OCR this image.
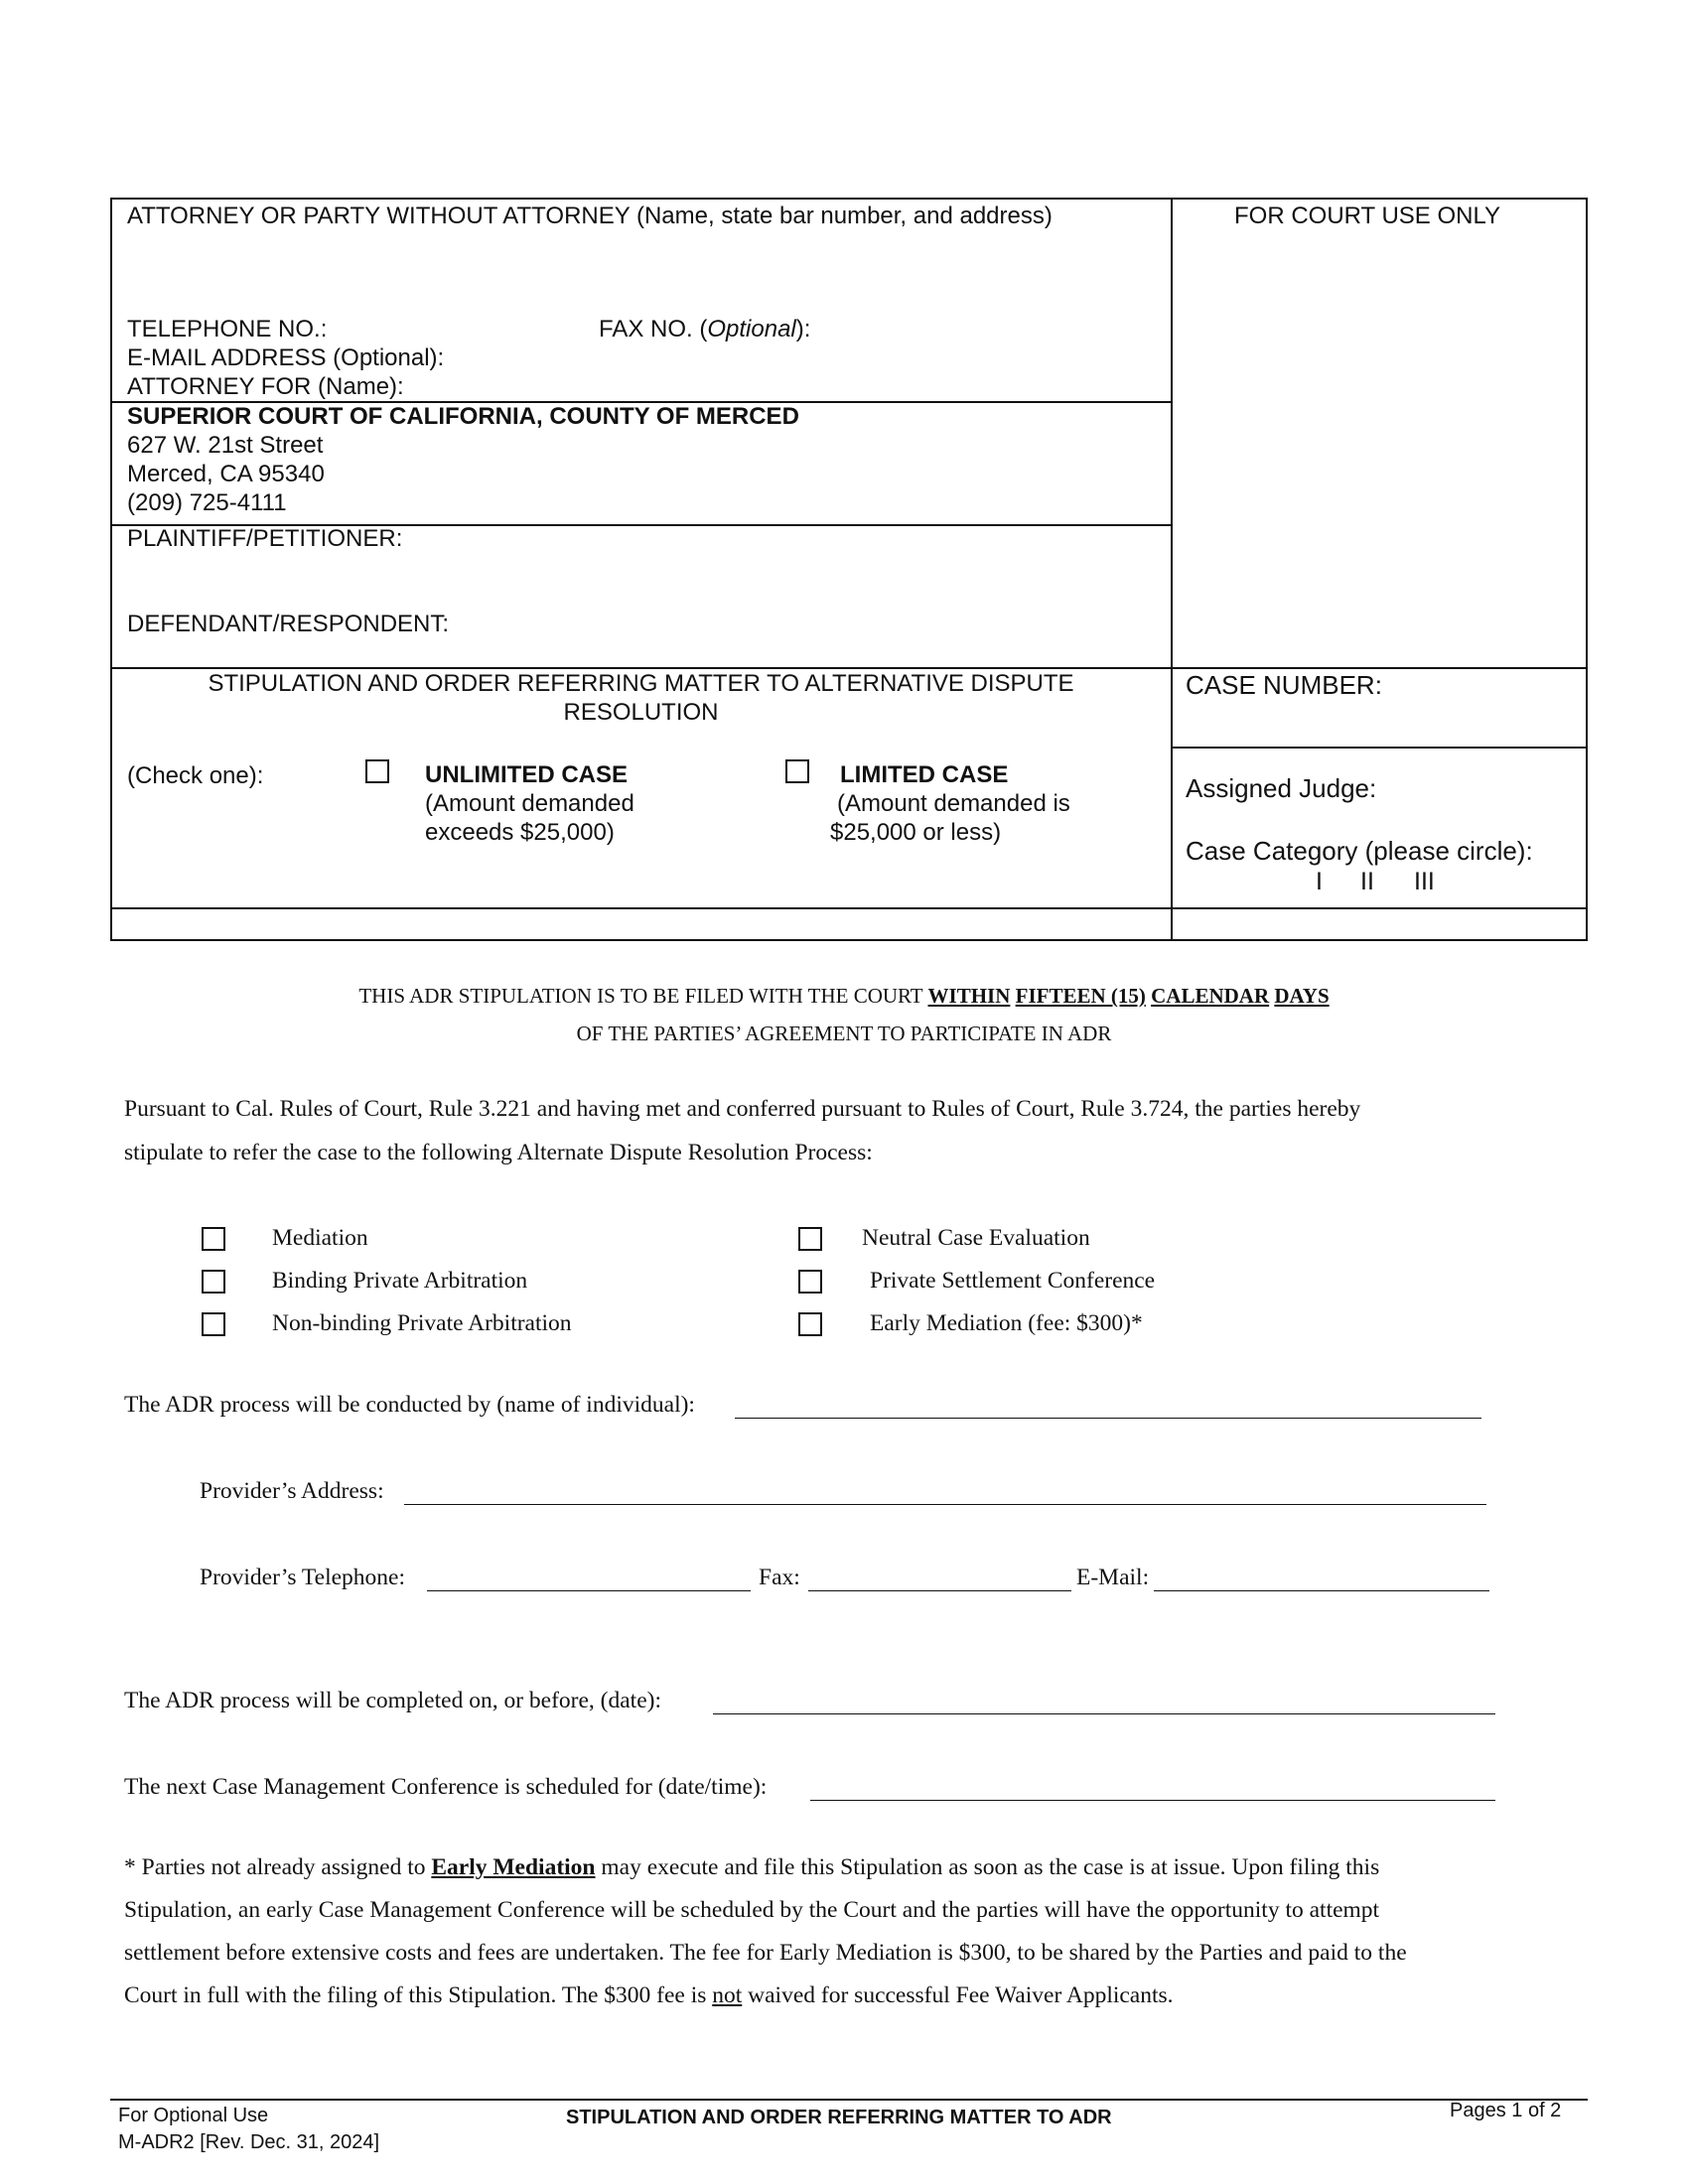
ATTORNEY OR PARTY WITHOUT ATTORNEY (Name, state bar number, and address)	FOR COURT USE ONLY
TELEPHONE NO.:	FAX NO. (Optional):
E-MAIL ADDRESS (Optional):
ATTORNEY FOR (Name):
SUPERIOR COURT OF CALIFORNIA, COUNTY OF MERCED
627 W. 21st Street
Merced, CA 95340
(209) 725-4111
PLAINTIFF/PETITIONER:
DEFENDANT/RESPONDENT:
STIPULATION AND ORDER REFERRING MATTER TO ALTERNATIVE DISPUTE
RESOLUTION
(Check one):	UNLIMITED CASE
(Amount demanded
exceeds $25,000)
LIMITED CASE
(Amount demanded is
$25,000 or less)
CASE NUMBER:
Assigned Judge:
Case Category (please circle):
I II III
THIS ADR STIPULATION IS TO BE FILED WITH THE COURT WITHIN FIFTEEN (15) CALENDAR DAYS
OF THE PARTIES’ AGREEMENT TO PARTICIPATE IN ADR
Pursuant to Cal. Rules of Court, Rule 3.221 and having met and conferred pursuant to Rules of Court, Rule 3.724, the parties hereby
stipulate to refer the case to the following Alternate Dispute Resolution Process:
Mediation
Binding Private Arbitration
Non-binding Private Arbitration
Neutral Case Evaluation
Private Settlement Conference
Early Mediation (fee: $300)*
The ADR process will be conducted by (name of individual):
Provider’s Address:
Provider’s Telephone:	Fax:	E-Mail:
The ADR process will be completed on, or before, (date):
The next Case Management Conference is scheduled for (date/time):
* Parties not already assigned to Early Mediation may execute and file this Stipulation as soon as the case is at issue. Upon filing this
Stipulation, an early Case Management Conference will be scheduled by the Court and the parties will have the opportunity to attempt
settlement before extensive costs and fees are undertaken. The fee for Early Mediation is $300, to be shared by the Parties and paid to the
Court in full with the filing of this Stipulation. The $300 fee is not waived for successful Fee Waiver Applicants.
For Optional Use
M-ADR2 [Rev. Dec. 31, 2024]
STIPULATION AND ORDER REFERRING MATTER TO ADR	Pages 1 of 2
